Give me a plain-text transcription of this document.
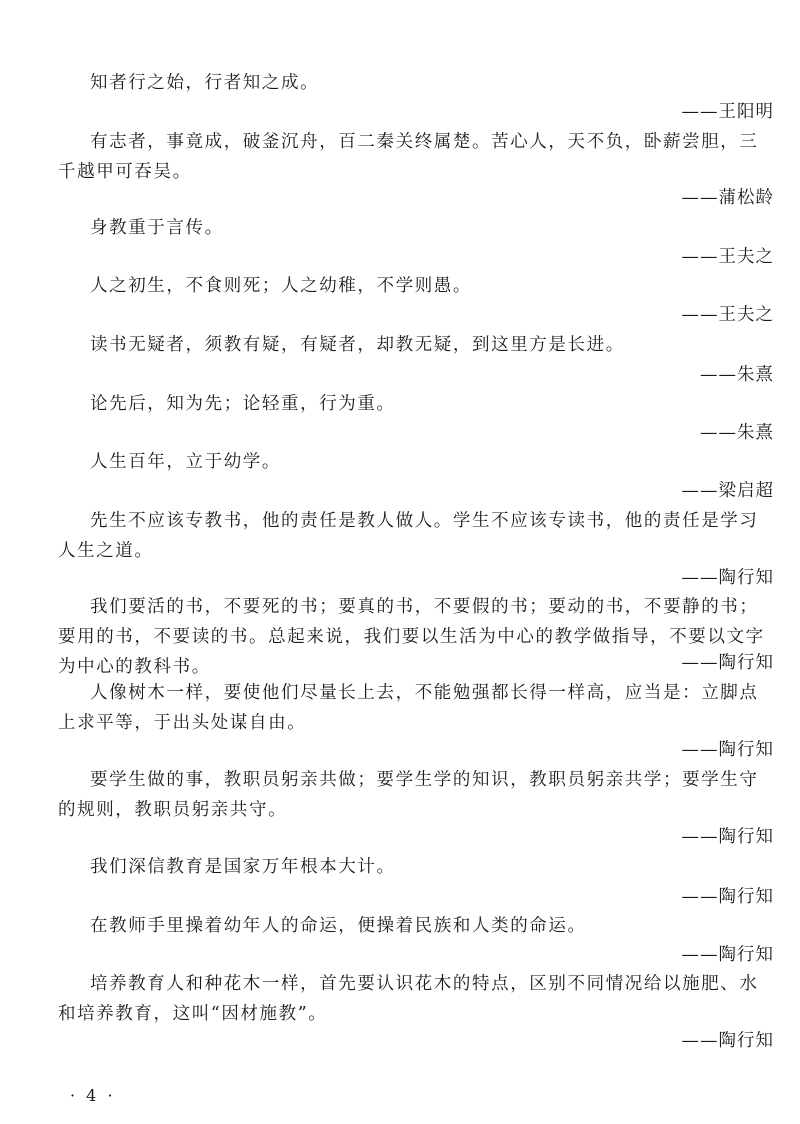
知者行之始，行者知之成。

——王阳明

有志者，事竟成，破釜沉舟，百二秦关终属楚。苦心人，天不负，卧薪尝胆，三千越甲可吞吴。

——蒲松龄

身教重于言传。

——王夫之

人之初生，不食则死；人之幼稚，不学则愚。

——王夫之

读书无疑者，须教有疑，有疑者，却教无疑，到这里方是长进。

——朱熹

论先后，知为先；论轻重，行为重。

——朱熹

人生百年，立于幼学。

——梁启超

先生不应该专教书，他的责任是教人做人。学生不应该专读书，他的责任是学习人生之道。

——陶行知

我们要活的书，不要死的书；要真的书，不要假的书；要动的书，不要静的书；要用的书，不要读的书。总起来说，我们要以生活为中心的教学做指导，不要以文字为中心的教科书。	——陶行知

人像树木一样，要使他们尽量长上去，不能勉强都长得一样高，应当是：立脚点上求平等，于出头处谋自由。

——陶行知

要学生做的事，教职员躬亲共做；要学生学的知识，教职员躬亲共学；要学生守的规则，教职员躬亲共守。

——陶行知

我们深信教育是国家万年根本大计。

——陶行知

在教师手里操着幼年人的命运，便操着民族和人类的命运。

——陶行知

培养教育人和种花木一样，首先要认识花木的特点，区别不同情况给以施肥、水和培养教育，这叫“因材施教”。

——陶行知

· 4 ·
